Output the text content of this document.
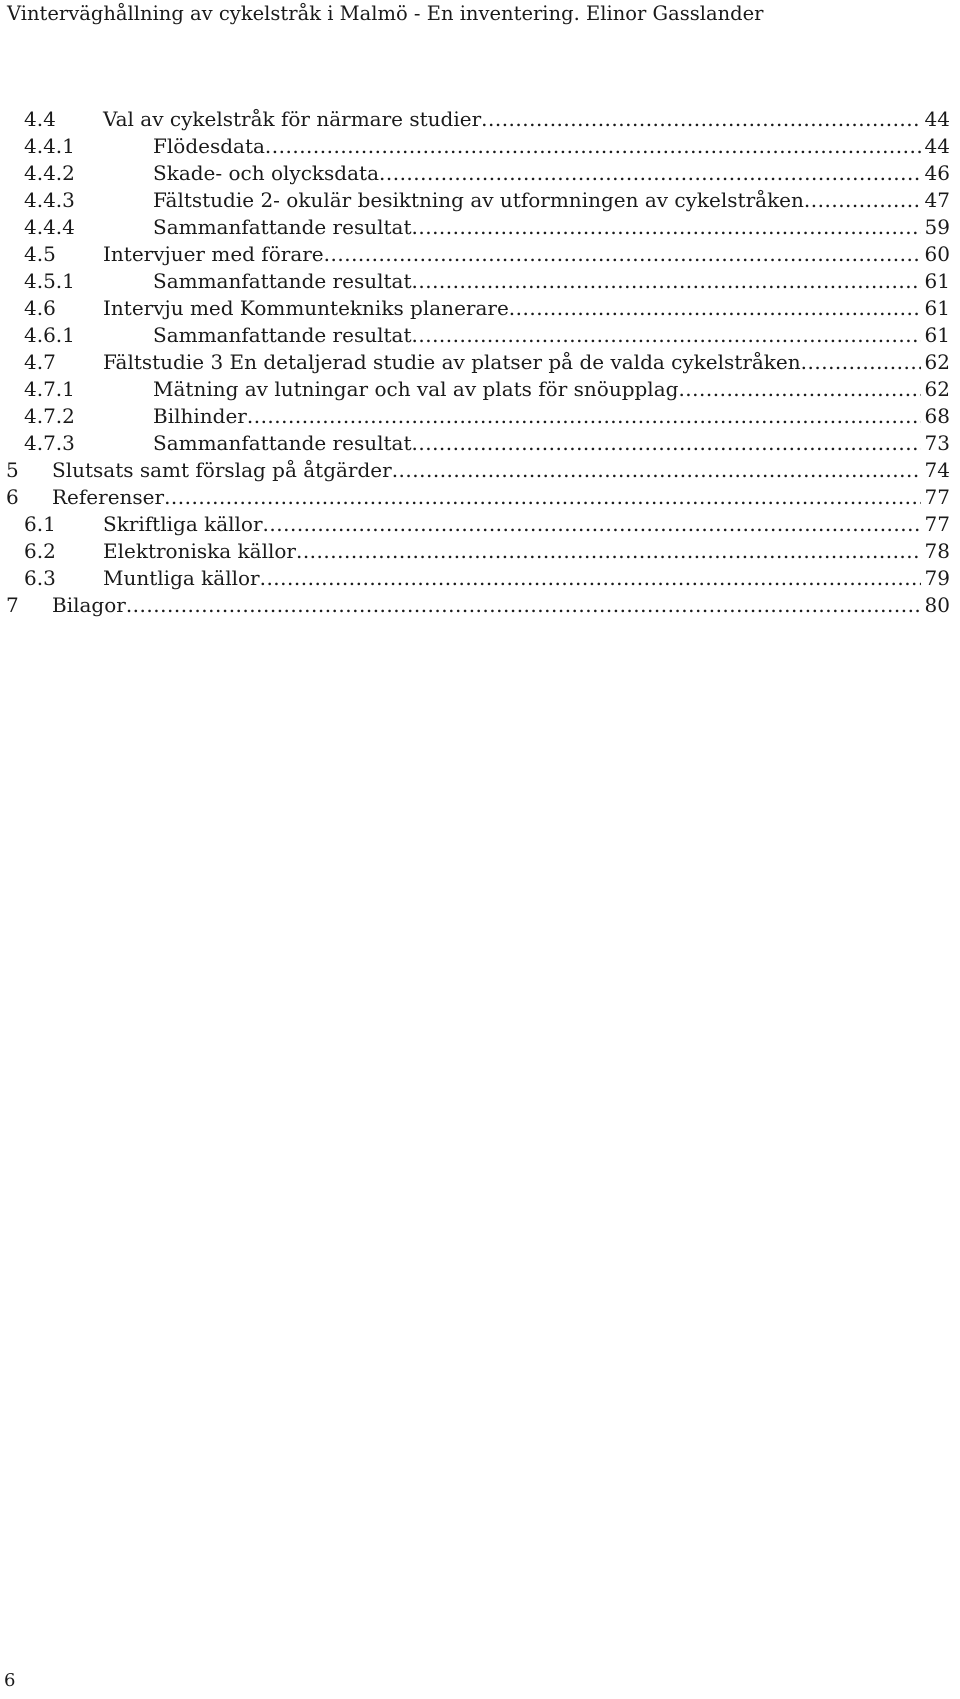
Vinterväghållning av cykelstråk i Malmö - En inventering. Elinor Gasslander
4.4 Val av cykelstråk för närmare studier .....	44
4.4.1	Flödesdata .....	44
4.4.2	Skade- och olycksdata .....	46
4.4.3	Fältstudie 2- okulär besiktning av utformningen av cykelstråken .....	47
4.4.4	Sammanfattande resultat .....	59
4.5 Intervjuer med förare .....	60
4.5.1	Sammanfattande resultat .....	61
4.6 Intervju med Kommuntekniks planerare .....	61
4.6.1	Sammanfattande resultat .....	61
4.7 Fältstudie 3 En detaljerad studie av platser på de valda cykelstråken .....	62
4.7.1	Mätning av lutningar och val av plats för snöupplag .....	62
4.7.2	Bilhinder .....	68
4.7.3	Sammanfattande resultat .....	73
5 Slutsats samt förslag på åtgärder .....	74
6 Referenser .....	77
6.1 Skriftliga källor .....	77
6.2 Elektroniska källor .....	78
6.3 Muntliga källor .....	79
7 Bilagor .....	80
6
